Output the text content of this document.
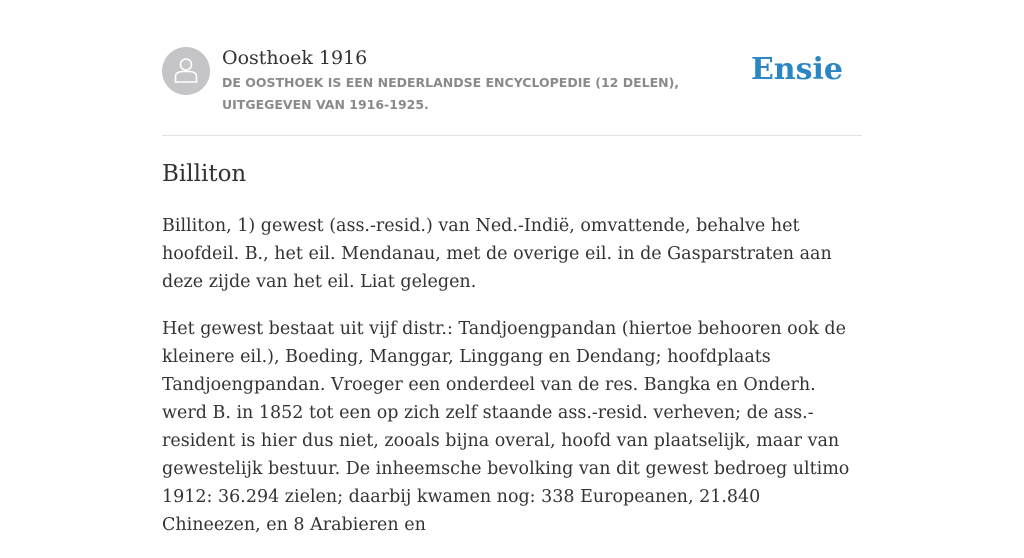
Oosthoek 1916
DE OOSTHOEK IS EEN NEDERLANDSE ENCYCLOPEDIE (12 DELEN), UITGEGEVEN VAN 1916-1925.
Ensie
Billiton

Billiton, 1) gewest (ass.-resid.) van Ned.-Indië, omvattende, behalve het hoofdeil. B., het eil. Mendanau, met de overige eil. in de Gasparstraten aan deze zijde van het eil. Liat gelegen.

Het gewest bestaat uit vijf distr.: Tandjoengpandan (hiertoe behooren ook de kleinere eil.), Boeding, Manggar, Linggang en Dendang; hoofdplaats Tandjoengpandan. Vroeger een onderdeel van de res. Bangka en Onderh. werd B. in 1852 tot een op zich zelf staande ass.-resid. verheven; de ass.-resident is hier dus niet, zooals bijna overal, hoofd van plaatselijk, maar van gewestelijk bestuur. De inheemsche bevolking van dit gewest bedroeg ultimo 1912: 36.294 zielen; daarbij kwamen nog: 338 Europeanen, 21.840 Chineezen, en 8 Arabieren en
